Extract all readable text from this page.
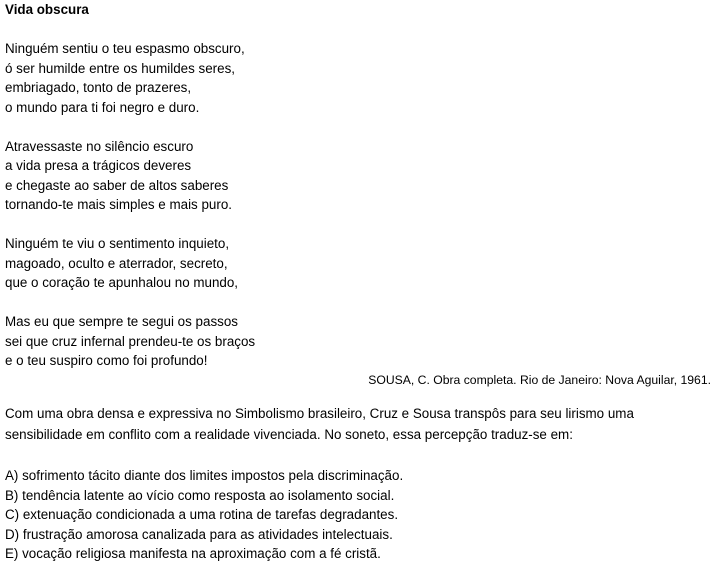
Vida obscura
Ninguém sentiu o teu espasmo obscuro,
ó ser humilde entre os humildes seres,
embriagado, tonto de prazeres,
o mundo para ti foi negro e duro.
Atravessaste no silêncio escuro
a vida presa a trágicos deveres
e chegaste ao saber de altos saberes
tornando-te mais simples e mais puro.
Ninguém te viu o sentimento inquieto,
magoado, oculto e aterrador, secreto,
que o coração te apunhalou no mundo,
Mas eu que sempre te segui os passos
sei que cruz infernal prendeu-te os braços
e o teu suspiro como foi profundo!
SOUSA, C. Obra completa. Rio de Janeiro: Nova Aguilar, 1961.
Com uma obra densa e expressiva no Simbolismo brasileiro, Cruz e Sousa transpôs para seu lirismo uma sensibilidade em conflito com a realidade vivenciada. No soneto, essa percepção traduz-se em:
A) sofrimento tácito diante dos limites impostos pela discriminação.
B) tendência latente ao vício como resposta ao isolamento social.
C) extenuação condicionada a uma rotina de tarefas degradantes.
D) frustração amorosa canalizada para as atividades intelectuais.
E) vocação religiosa manifesta na aproximação com a fé cristã.
